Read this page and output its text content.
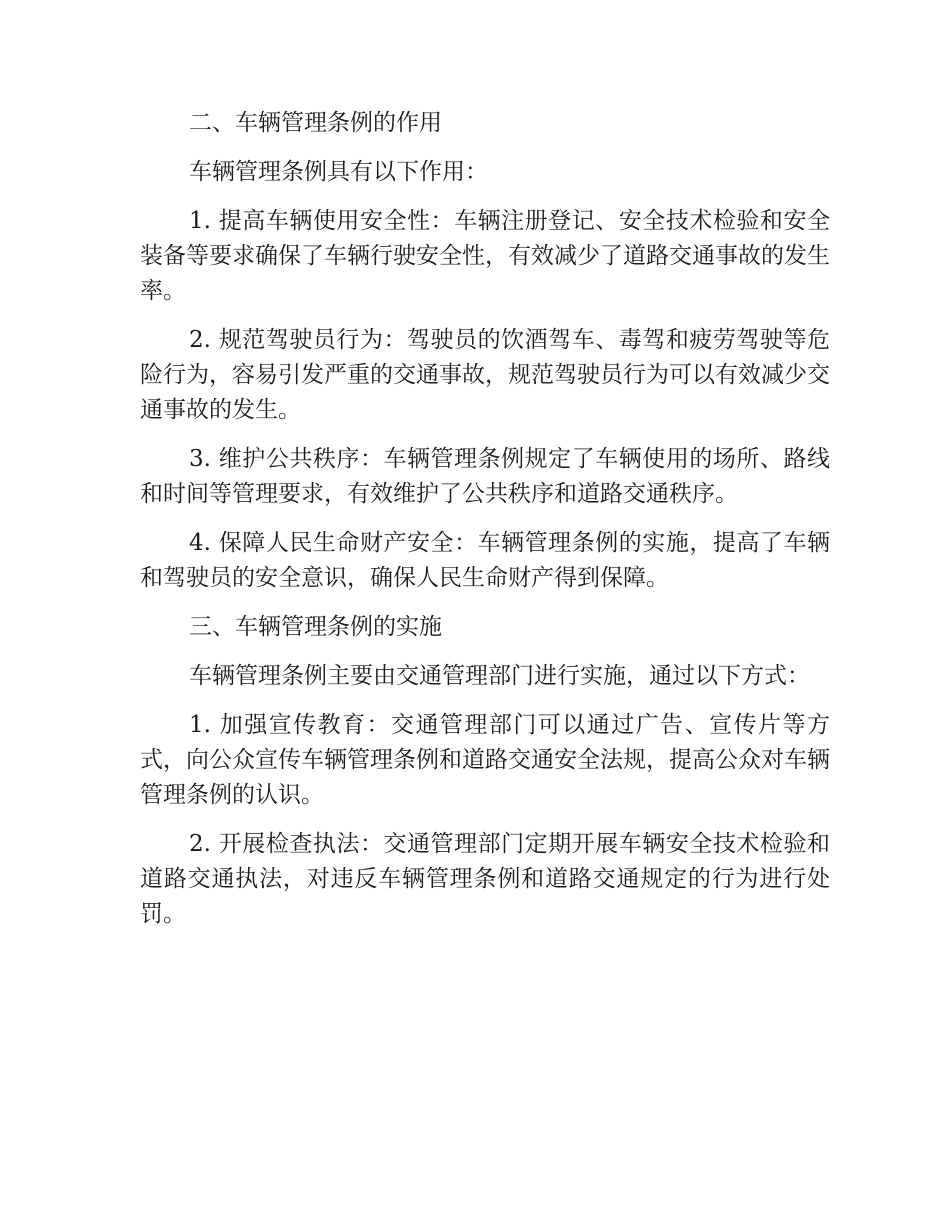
二、车辆管理条例的作用

车辆管理条例具有以下作用：

1. 提高车辆使用安全性：车辆注册登记、安全技术检验和安全装备等要求确保了车辆行驶安全性，有效减少了道路交通事故的发生率。

2. 规范驾驶员行为：驾驶员的饮酒驾车、毒驾和疲劳驾驶等危险行为，容易引发严重的交通事故，规范驾驶员行为可以有效减少交通事故的发生。

3. 维护公共秩序：车辆管理条例规定了车辆使用的场所、路线和时间等管理要求，有效维护了公共秩序和道路交通秩序。

4. 保障人民生命财产安全：车辆管理条例的实施，提高了车辆和驾驶员的安全意识，确保人民生命财产得到保障。

三、车辆管理条例的实施

车辆管理条例主要由交通管理部门进行实施，通过以下方式：

1. 加强宣传教育：交通管理部门可以通过广告、宣传片等方式，向公众宣传车辆管理条例和道路交通安全法规，提高公众对车辆管理条例的认识。

2. 开展检查执法：交通管理部门定期开展车辆安全技术检验和道路交通执法，对违反车辆管理条例和道路交通规定的行为进行处罚。
